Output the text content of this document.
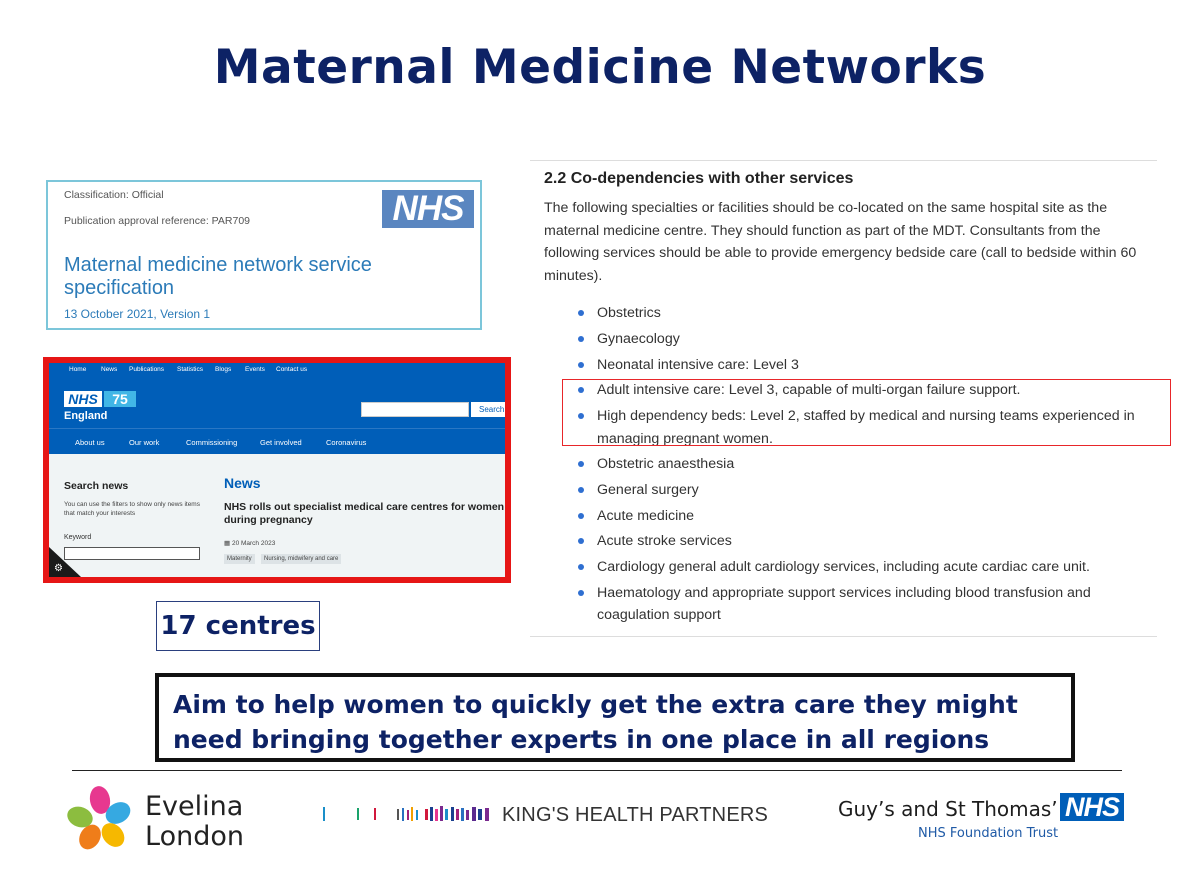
Maternal Medicine Networks
Classification: Official
Publication approval reference: PAR709	NHS
Maternal medicine network service specification
13 October 2021, Version 1
Home News Publications Statistics Blogs Events Contact us
NHS	75
England
Search
About us	Our work	Commissioning	Get involved	Coronavirus
Search news
You can use the filters to show only news items that match your interests
Keyword
⚙
News
NHS rolls out specialist medical care centres for women during pregnancy
▦ 20 March 2023
Maternity	Nursing, midwifery and care
2.2 Co-dependencies with other services
The following specialties or facilities should be co-located on the same hospital site as the maternal medicine centre. They should function as part of the MDT. Consultants from the following services should be able to provide emergency bedside care (call to bedside within 60 minutes).
Obstetrics
Gynaecology
Neonatal intensive care: Level 3
Adult intensive care: Level 3, capable of multi-organ failure support.
High dependency beds: Level 2, staffed by medical and nursing teams experienced in managing pregnant women.
Obstetric anaesthesia
General surgery
Acute medicine
Acute stroke services
Cardiology general adult cardiology services, including acute cardiac care unit.
Haematology and appropriate support services including blood transfusion and coagulation support
17 centres
Aim to help women to quickly get the extra care they might need bringing together experts in one place in all regions
Evelina
London
KING'S HEALTH PARTNERS	Guy’s and St Thomas’ NHS
NHS Foundation Trust
